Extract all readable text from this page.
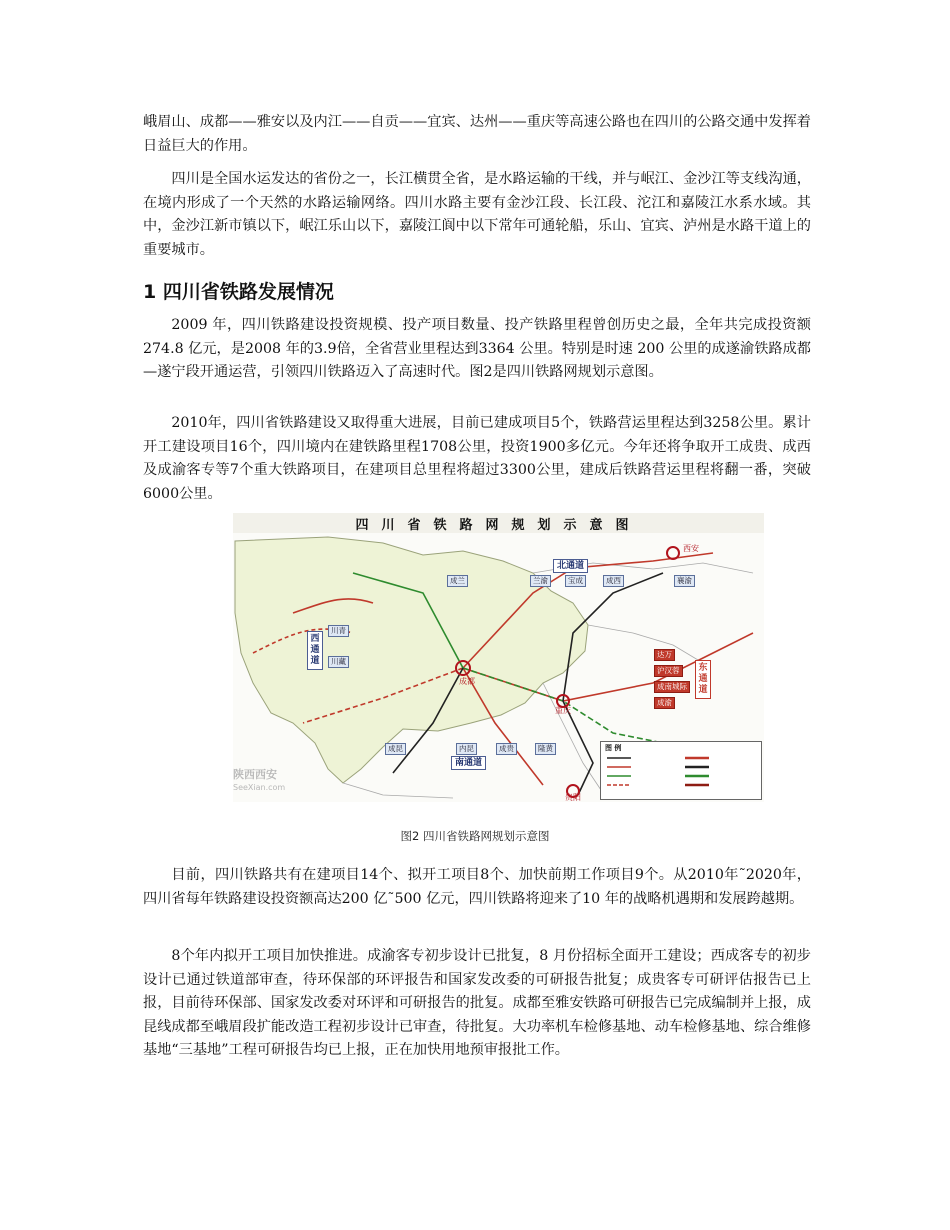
峨眉山、成都——雅安以及内江——自贡——宜宾、达州——重庆等高速公路也在四川的公路交通中发挥着日益巨大的作用。

四川是全国水运发达的省份之一，长江横贯全省，是水路运输的干线，并与岷江、金沙江等支线沟通，在境内形成了一个天然的水路运输网络。四川水路主要有金沙江段、长江段、沱江和嘉陵江水系水域。其中，金沙江新市镇以下，岷江乐山以下，嘉陵江阆中以下常年可通轮船，乐山、宜宾、泸州是水路干道上的重要城市。

1 四川省铁路发展情况

2009 年，四川铁路建设投资规模、投产项目数量、投产铁路里程曾创历史之最，全年共完成投资额274.8 亿元，是2008 年的3.9倍，全省营业里程达到3364 公里。特别是时速 200 公里的成遂渝铁路成都—遂宁段开通运营，引领四川铁路迈入了高速时代。图2是四川铁路网规划示意图。

2010年，四川省铁路建设又取得重大进展，目前已建成项目5个，铁路营运里程达到3258公里。累计开工建设项目16个，四川境内在建铁路里程1708公里，投资1900多亿元。今年还将争取开工成贵、成西及成渝客专等7个重大铁路项目，在建项目总里程将超过3300公里，建成后铁路营运里程将翻一番，突破6000公里。

四川省铁路网规划示意图
北通道
南通道
西通道
东通道
成兰	兰渝	宝成	成西	襄渝
川青
川藏
成昆	内昆	成贵	隆黄
达万
沪汉蓉
成南城际
成渝
西安
成都
重庆
贵阳
图 例
陕西西安
SeeXian.com
图2 四川省铁路网规划示意图

目前，四川铁路共有在建项目14个、拟开工项目8个、加快前期工作项目9个。从2010年˜2020年，四川省每年铁路建设投资额高达200 亿˜500 亿元，四川铁路将迎来了10 年的战略机遇期和发展跨越期。

8个年内拟开工项目加快推进。成渝客专初步设计已批复，8 月份招标全面开工建设；西成客专的初步设计已通过铁道部审查，待环保部的环评报告和国家发改委的可研报告批复；成贵客专可研评估报告已上报，目前待环保部、国家发改委对环评和可研报告的批复。成都至雅安铁路可研报告已完成编制并上报，成昆线成都至峨眉段扩能改造工程初步设计已审查，待批复。大功率机车检修基地、动车检修基地、综合维修基地“三基地”工程可研报告均已上报，正在加快用地预审报批工作。
